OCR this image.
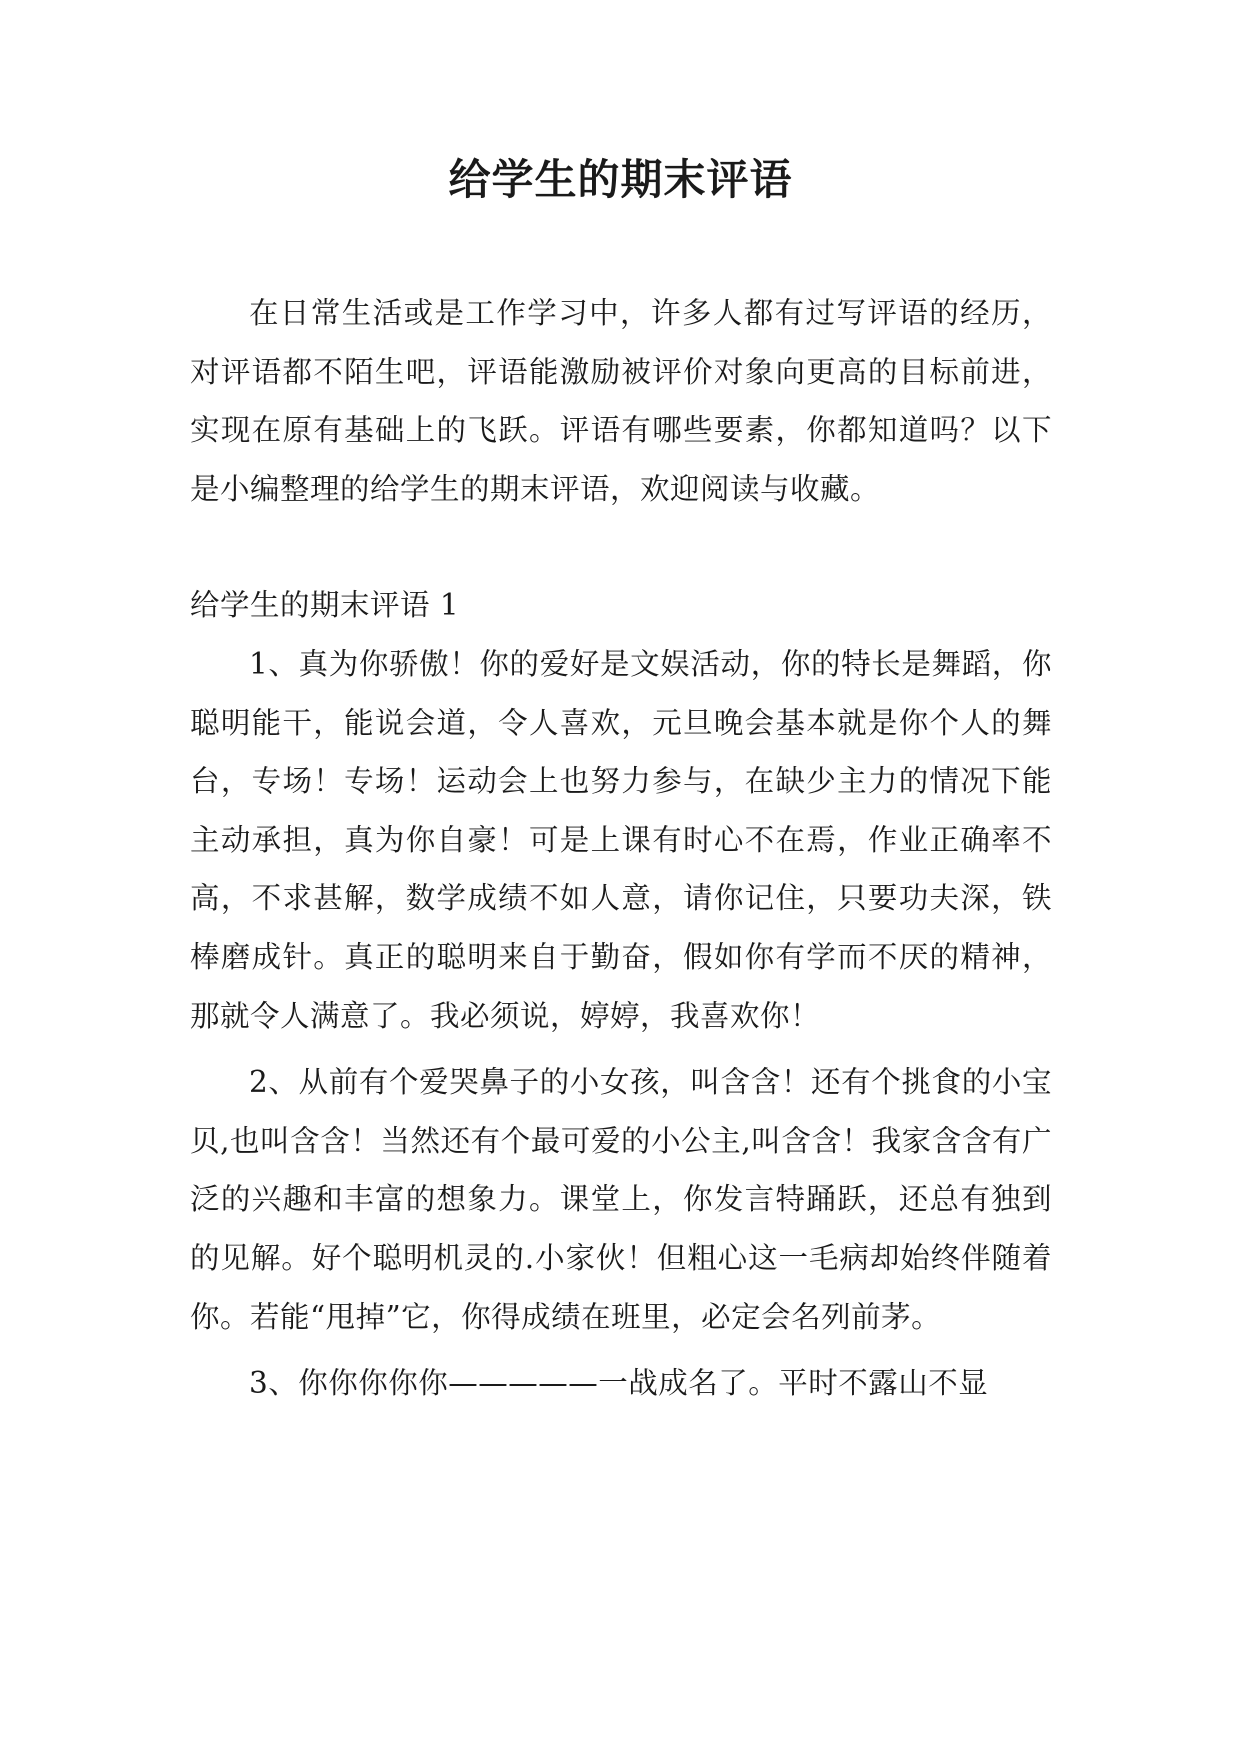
给学生的期末评语

在日常生活或是工作学习中，许多人都有过写评语的经历，对评语都不陌生吧，评语能激励被评价对象向更高的目标前进，实现在原有基础上的飞跃。评语有哪些要素，你都知道吗？以下是小编整理的给学生的期末评语，欢迎阅读与收藏。

给学生的期末评语 1

1、真为你骄傲！你的爱好是文娱活动，你的特长是舞蹈，你聪明能干，能说会道，令人喜欢，元旦晚会基本就是你个人的舞台，专场！专场！运动会上也努力参与，在缺少主力的情况下能主动承担，真为你自豪！可是上课有时心不在焉，作业正确率不高，不求甚解，数学成绩不如人意，请你记住，只要功夫深，铁棒磨成针。真正的聪明来自于勤奋，假如你有学而不厌的精神，那就令人满意了。我必须说，婷婷，我喜欢你！

2、从前有个爱哭鼻子的小女孩，叫含含！还有个挑食的小宝贝,也叫含含！当然还有个最可爱的小公主,叫含含！我家含含有广泛的兴趣和丰富的想象力。课堂上，你发言特踊跃，还总有独到的见解。好个聪明机灵的.小家伙！但粗心这一毛病却始终伴随着你。若能“甩掉”它，你得成绩在班里，必定会名列前茅。

3、你你你你你—————一战成名了。平时不露山不显
